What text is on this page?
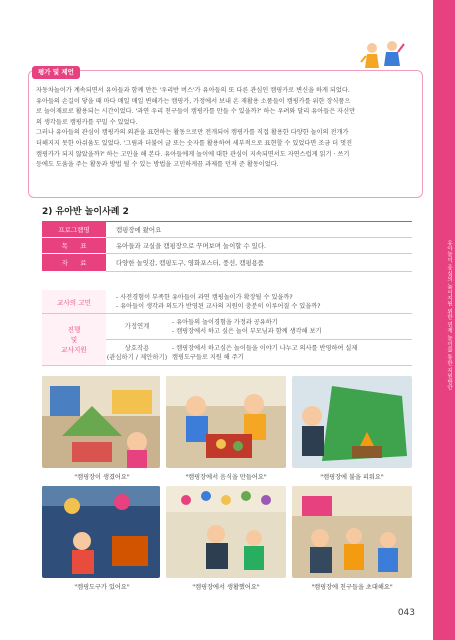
유아놀이 중심의 놀이지원 위한 연계 놀이를 통한 지원방안
평가 및 제언

자동차놀이가 계속되면서 유아들과 함께 만든 '우리반 버스'가 유아들의 또 다른 관심인 캠핑카로 변신을 하게 되었다.

유아들의 손길이 닿을 때 마다 매일 매일 변해가는 캠핑카, 가정에서 보내 온 재활용 소품들이 캠핑카를 위한 장식품으

로 놀이재료로 활용되는 시간이었다. '과연 우리 친구들이 캠핑카를 만들 수 있을까?' 하는 우려와 달리 유아들은 자신만

의 생각들로 캠핑카를 꾸밀 수 있었다.

그러나 유아들의 관심이 캠핑카의 외관을 표현하는 활동으로만 전개되어 캠핑카를 직접 활용한 다양한 놀이의 전개가

더해지지 못한 아쉬움도 있었다. '그림과 더불어 글 또는 숫자를 활용하여 세부적으로 표현할 수 있었다면 조금 더 멋진

캠핑카가 되지 않았을까?' 하는 고민을 해 본다. 유아들에게 놀이에 대한 관심이 지속되면서도 자연스럽게 읽기 · 쓰기

등에도 도움을 주는 활동과 방법 될 수 있는 방법을 고민하게끔 과제를 던져 준 활동이었다.

2) 유아반 놀이사례 2
프로그램명	캠핑장에 왔어요
목      표	유아들과 교실을 캠핑장으로 꾸며보며 놀이할 수 있다.
자      료	다양한 놀잇감, 캠핑도구, 영화포스터, 풍선, 캠핑용품
교사의 고민
- 사전경험이 부족한 유아들이 과연 캠핑놀이가 확장될 수 있을까?
- 유아들이 생각과 의도가 반영된 교사의 지원이 충분히 이루어질 수 있을까?
진행
및
교사지원
가정연계	- 유아들의 놀이경험을 가정과 공유하기
- 캠핑장에서 하고 싶은 놀이 부모님과 함께 생각해 보기
상호작용
(관심하기 / 제안하기)
- 캠핑장에서 하고싶은 놀이들을 이야기 나누고 의사를 반영하여 실제
캠핑도구들로 지원 해 주기
"캠핑장이 생겼어요"	"캠핑장에서 음식을 만들어요"	"캠핑장에 불을 피워요"
"캠핑도구가 있어요"	"캠핑장에서 생활했어요"	"캠핑장에 친구들을 초대해요"
043
